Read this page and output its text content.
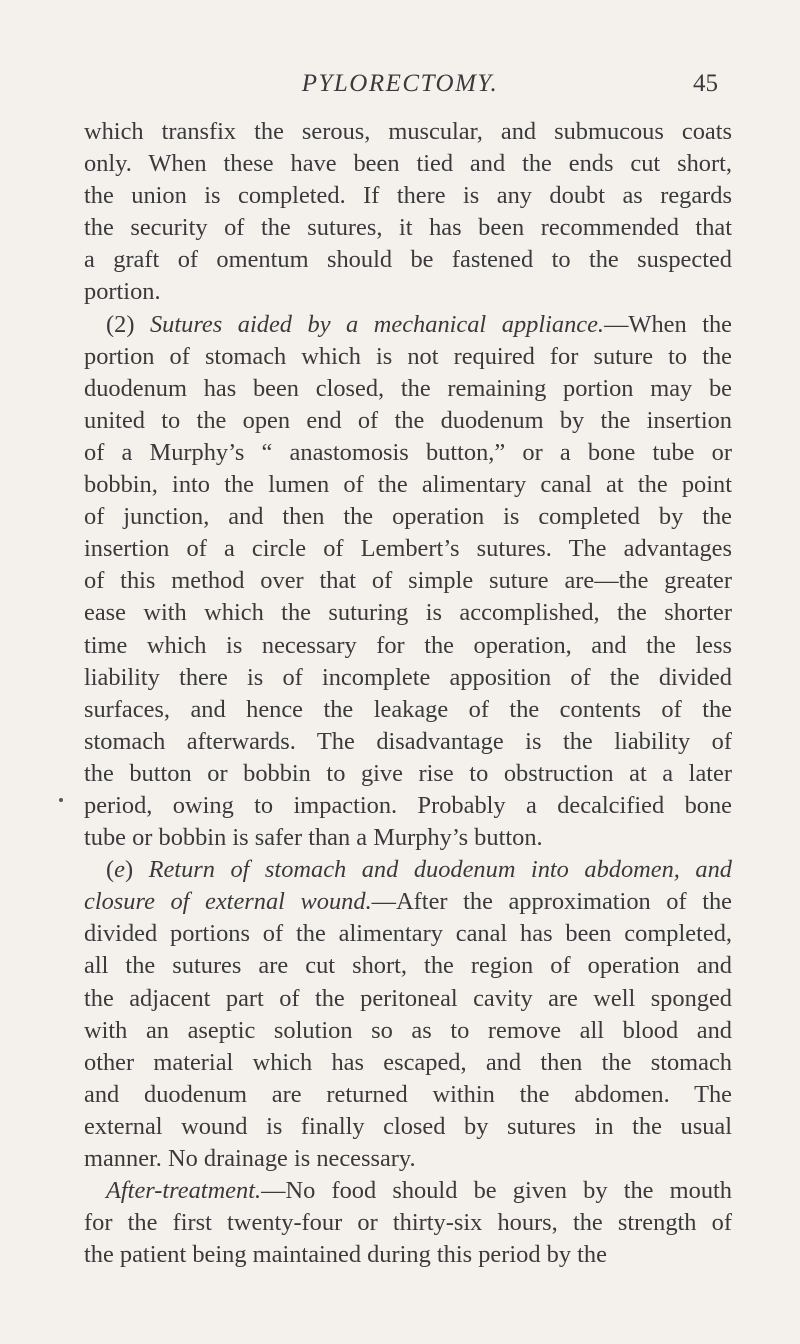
PYLORECTOMY.	45
which transfix the serous, muscular, and submucous coats
only. When these have been tied and the ends cut short,
the union is completed. If there is any doubt as regards
the security of the sutures, it has been recommended that
a graft of omentum should be fastened to the suspected
portion.
(2) Sutures aided by a mechanical appliance.—When the
portion of stomach which is not required for suture to the
duodenum has been closed, the remaining portion may be
united to the open end of the duodenum by the insertion
of a Murphy’s “ anastomosis button,” or a bone tube or
bobbin, into the lumen of the alimentary canal at the point
of junction, and then the operation is completed by the
insertion of a circle of Lembert’s sutures. The advantages
of this method over that of simple suture are—the greater
ease with which the suturing is accomplished, the shorter
time which is necessary for the operation, and the less
liability there is of incomplete apposition of the divided
surfaces, and hence the leakage of the contents of the
stomach afterwards. The disadvantage is the liability of
the button or bobbin to give rise to obstruction at a later
period, owing to impaction. Probably a decalcified bone
tube or bobbin is safer than a Murphy’s button.
(e) Return of stomach and duodenum into abdomen, and
closure of external wound.—After the approximation of the
divided portions of the alimentary canal has been completed,
all the sutures are cut short, the region of operation and
the adjacent part of the peritoneal cavity are well sponged
with an aseptic solution so as to remove all blood and
other material which has escaped, and then the stomach
and duodenum are returned within the abdomen. The
external wound is finally closed by sutures in the usual
manner. No drainage is necessary.
After-treatment.—No food should be given by the mouth
for the first twenty-four or thirty-six hours, the strength of
the patient being maintained during this period by the
